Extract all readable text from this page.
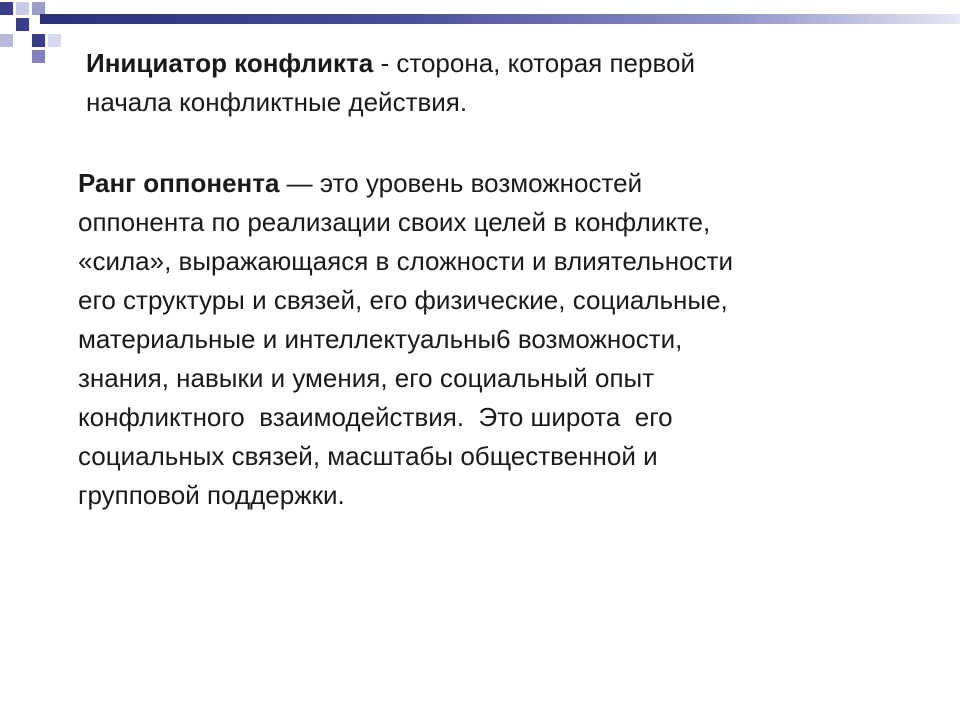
Инициатор конфликта - сторона, которая первой
начала конфликтные действия.

Ранг оппонента — это уровень возможностей
оппонента по реализации своих целей в конфликте,
«сила», выражающаяся в сложности и влиятельности
его структуры и связей, его физические, социальные,
материальные и интеллектуальны6 возможности,
знания, навыки и умения, его социальный опыт
конфликтного  взаимодействия.  Это широта  его
социальных связей, масштабы общественной и
групповой поддержки.
